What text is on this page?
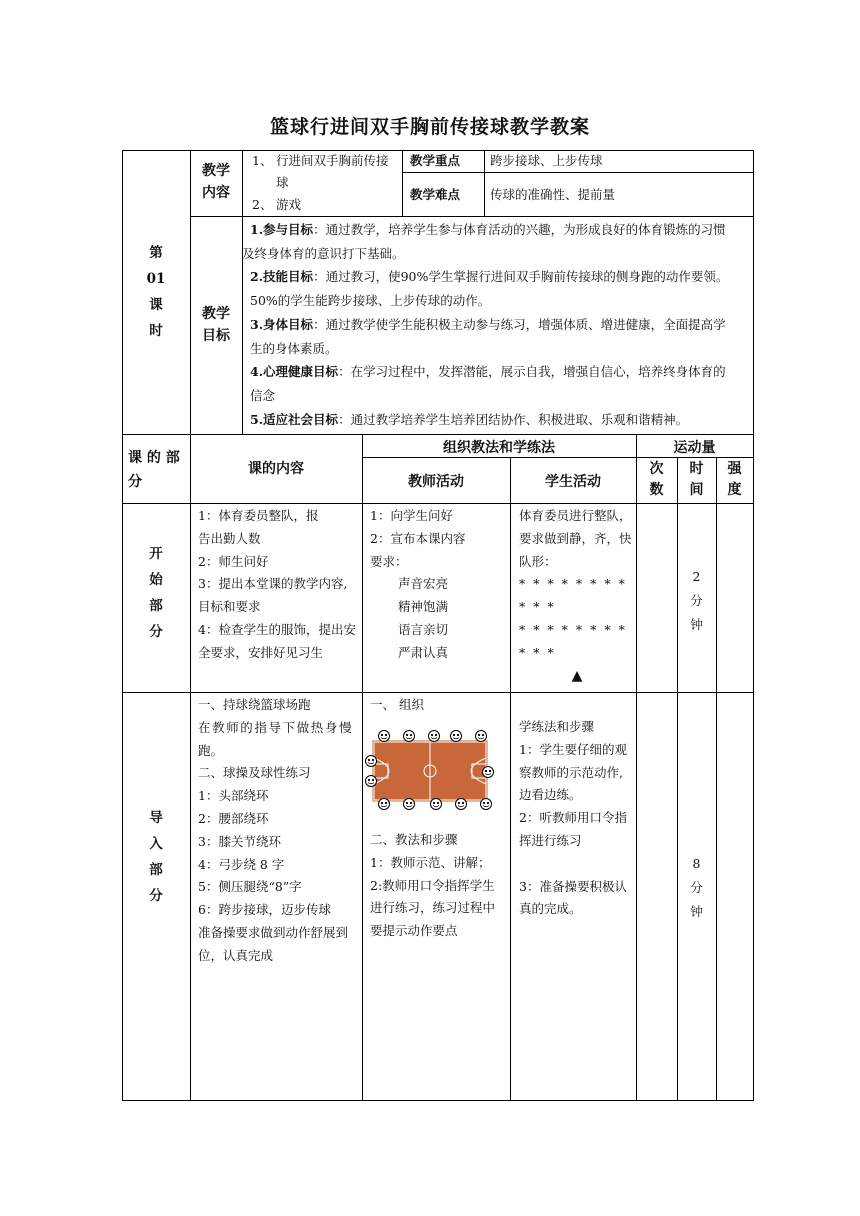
篮球行进间双手胸前传接球教学教案
第
01
课
时
教学
内容
1、 行进间双手胸前传接
球
2、 游戏
教学重点 跨步接球、上步传球
教学难点 传球的准确性、提前量
教学
目标
1.参与目标：通过教学，培养学生参与体育活动的兴趣，为形成良好的体育锻炼的习惯
及终身体育的意识打下基础。
2.技能目标：通过教习，使90%学生掌握行进间双手胸前传接球的侧身跑的动作要领。
50%的学生能跨步接球、上步传球的动作。
3.身体目标：通过教学使学生能积极主动参与练习，增强体质、增进健康，全面提高学
生的身体素质。
4.心理健康目标：在学习过程中，发挥潜能，展示自我，增强自信心，培养终身体育的
信念
5.适应社会目标：通过教学培养学生培养团结协作、积极进取、乐观和谐精神。
课 的 部 分
课的内容
组织教法和学练法
教师活动	学生活动
运动量
次
数
时
间
强
度
开
始
部
分
1：体育委员整队，报
告出勤人数
2：师生问好
3：提出本堂课的教学内容,
目标和要求
4：检查学生的服饰，提出安
全要求，安排好见习生
1：向学生问好
2：宣布本课内容
要求：
声音宏亮
精神饱满
语言亲切
严肃认真
体育委员进行整队，
要求做到静，齐，快
队形：
* * * * * * * * * * *
* * * * * * * * * * *
▲
2
分
钟
导
入
部
分
一、持球绕篮球场跑
在教师的指导下做热身慢
跑。
二、球操及球性练习
1：头部绕环
2：腰部绕环
3：膝关节绕环
4：弓步绕 8 字
5：侧压腿绕“8”字
6：跨步接球，迈步传球
准备操要求做到动作舒展到
位，认真完成
一、 组织
二、教法和步骤
1：教师示范、讲解；
2:教师用口令指挥学生
进行练习，练习过程中
要提示动作要点
学练法和步骤
1：学生要仔细的观
察教师的示范动作,
边看边练。
2：听教师用口令指
挥进行练习
3：准备操要积极认
真的完成。
8
分
钟
